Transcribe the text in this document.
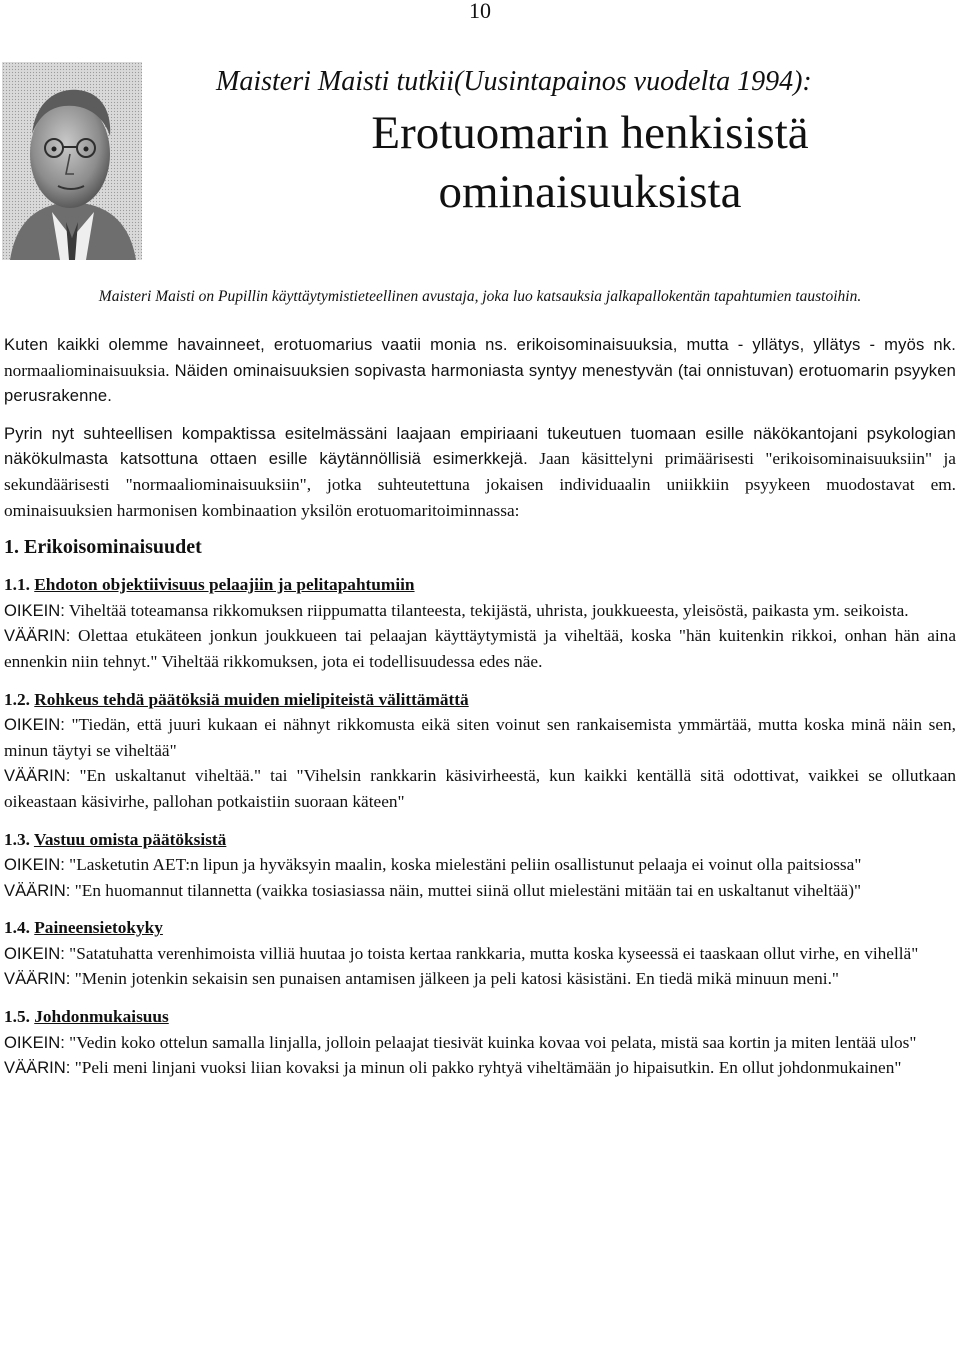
10
Maisteri Maisti tutkii(Uusintapainos vuodelta 1994):
Erotuomarin henkisistä
ominaisuuksista
Maisteri Maisti on Pupillin käyttäytymistieteellinen avustaja, joka luo katsauksia jalkapallokentän tapahtumien taustoihin.

Kuten kaikki olemme havainneet, erotuomarius vaatii monia ns. erikoisominaisuuksia, mutta - yllätys, yllätys - myös nk. normaaliominaisuuksia. Näiden ominaisuuksien sopivasta harmoniasta syntyy menestyvän (tai onnistuvan) erotuomarin psyyken perusrakenne.

Pyrin nyt suhteellisen kompaktissa esitelmässäni laajaan empiriaani tukeutuen tuomaan esille näkökantojani psykologian näkökulmasta katsottuna ottaen esille käytännöllisiä esimerkkejä. Jaan käsittelyni primäärisesti "erikoisominaisuuksiin" ja sekundäärisesti "normaaliominaisuuksiin", jotka suhteutettuna jokaisen individuaalin uniikkiin psyykeen muodostavat em. ominaisuuksien harmonisen kombinaation yksilön erotuomaritoiminnassa:

1. Erikoisominaisuudet

1.1. Ehdoton objektiivisuus pelaajiin ja pelitapahtumiin

OIKEIN: Viheltää toteamansa rikkomuksen riippumatta tilanteesta, tekijästä, uhrista, joukkueesta, yleisöstä, paikasta ym. seikoista.

VÄÄRIN: Olettaa etukäteen jonkun joukkueen tai pelaajan käyttäytymistä ja viheltää, koska "hän kuitenkin rikkoi, onhan hän aina ennenkin niin tehnyt." Viheltää rikkomuksen, jota ei todellisuudessa edes näe.

1.2. Rohkeus tehdä päätöksiä muiden mielipiteistä välittämättä

OIKEIN: "Tiedän, että juuri kukaan ei nähnyt rikkomusta eikä siten voinut sen rankaisemista ymmärtää, mutta koska minä näin sen, minun täytyi se viheltää"

VÄÄRIN: "En uskaltanut viheltää." tai "Vihelsin rankkarin käsivirheestä, kun kaikki kentällä sitä odottivat, vaikkei se ollutkaan oikeastaan käsivirhe, pallohan potkaistiin suoraan käteen"

1.3. Vastuu omista päätöksistä

OIKEIN: "Lasketutin AET:n lipun ja hyväksyin maalin, koska mielestäni peliin osallistunut pelaaja ei voinut olla paitsiossa"

VÄÄRIN: "En huomannut tilannetta (vaikka tosiasiassa näin, muttei siinä ollut mielestäni mitään tai en uskaltanut viheltää)"

1.4. Paineensietokyky

OIKEIN: "Satatuhatta verenhimoista villiä huutaa jo toista kertaa rankkaria, mutta koska kyseessä ei taaskaan ollut virhe, en vihellä"

VÄÄRIN: "Menin jotenkin sekaisin sen punaisen antamisen jälkeen ja peli katosi käsistäni. En tiedä mikä minuun meni."

1.5. Johdonmukaisuus

OIKEIN: "Vedin koko ottelun samalla linjalla, jolloin pelaajat tiesivät kuinka kovaa voi pelata, mistä saa kortin ja miten lentää ulos"

VÄÄRIN: "Peli meni linjani vuoksi liian kovaksi ja minun oli pakko ryhtyä viheltämään jo hipaisutkin. En ollut johdonmukainen"
